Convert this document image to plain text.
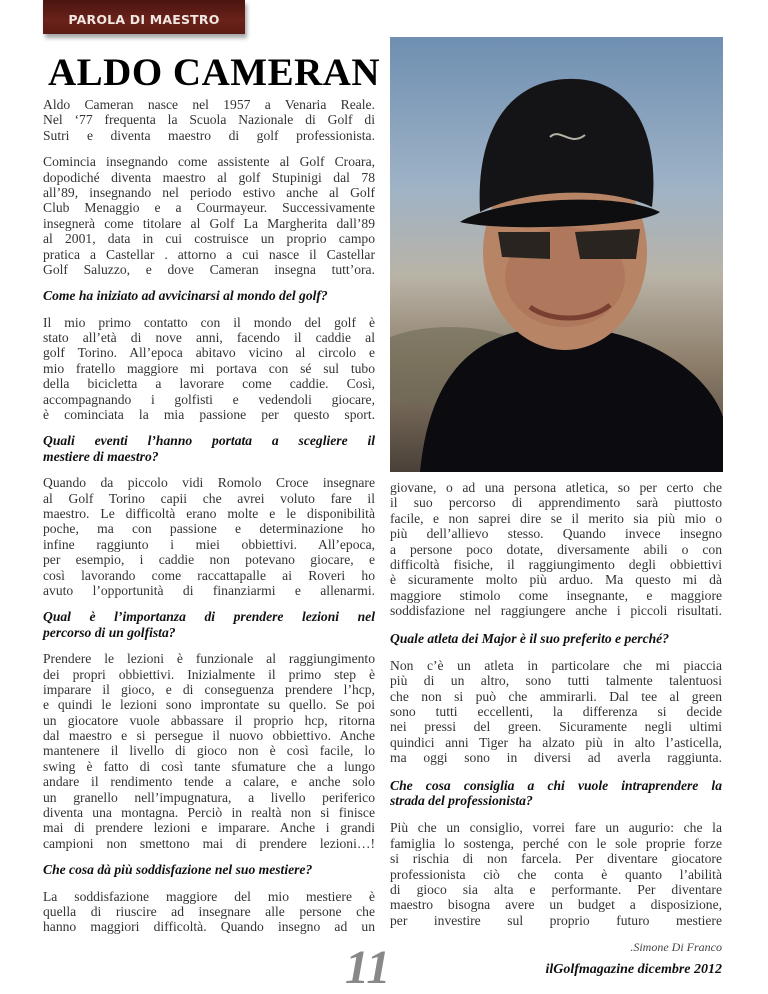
PAROLA DI MAESTRO
ALDO CAMERAN
Aldo Cameran nasce nel 1957 a Venaria Reale.
Nel ‘77 frequenta la Scuola Nazionale di Golf di
Sutri e diventa maestro di golf professionista.
Comincia insegnando come assistente al Golf Croara,
dopodiché diventa maestro al golf Stupinigi dal 78
all’89, insegnando nel periodo estivo anche al Golf
Club Menaggio e a Courmayeur. Successivamente
insegnerà come titolare al Golf La Margherita dall’89
al 2001, data in cui costruisce un proprio campo
pratica a Castellar . attorno a cui nasce il Castellar
Golf Saluzzo, e dove Cameran insegna tutt’ora.
Come ha iniziato ad avvicinarsi al mondo del golf?
Il mio primo contatto con il mondo del golf è
stato all’età di nove anni, facendo il caddie al
golf Torino. All’epoca abitavo vicino al circolo e
mio fratello maggiore mi portava con sé sul tubo
della bicicletta a lavorare come caddie. Così,
accompagnando i golfisti e vedendoli giocare,
è cominciata la mia passione per questo sport.
Quali eventi l’hanno portata a scegliere il
mestiere di maestro?
Quando da piccolo vidi Romolo Croce insegnare
al Golf Torino capii che avrei voluto fare il
maestro. Le difficoltà erano molte e le disponibilità
poche, ma con passione e determinazione ho
infine raggiunto i miei obbiettivi. All’epoca,
per esempio, i caddie non potevano giocare, e
così lavorando come raccattapalle ai Roveri ho
avuto l’opportunità di finanziarmi e allenarmi.
Qual è l’importanza di prendere lezioni nel
percorso di un golfista?
Prendere le lezioni è funzionale al raggiungimento
dei propri obbiettivi. Inizialmente il primo step è
imparare il gioco, e di conseguenza prendere l’hcp,
e quindi le lezioni sono improntate su quello. Se poi
un giocatore vuole abbassare il proprio hcp, ritorna
dal maestro e si persegue il nuovo obbiettivo. Anche
mantenere il livello di gioco non è così facile, lo
swing è fatto di così tante sfumature che a lungo
andare il rendimento tende a calare, e anche solo
un granello nell’impugnatura, a livello periferico
diventa una montagna. Perciò in realtà non si finisce
mai di prendere lezioni e imparare. Anche i grandi
campioni non smettono mai di prendere lezioni…!
Che cosa dà più soddisfazione nel suo mestiere?
La soddisfazione maggiore del mio mestiere è
quella di riuscire ad insegnare alle persone che
hanno maggiori difficoltà. Quando insegno ad un
giovane, o ad una persona atletica, so per certo che
il suo percorso di apprendimento sarà piuttosto
facile, e non saprei dire se il merito sia più mio o
più dell’allievo stesso. Quando invece insegno
a persone poco dotate, diversamente abili o con
difficoltà fisiche, il raggiungimento degli obbiettivi
è sicuramente molto più arduo. Ma questo mi dà
maggiore stimolo come insegnante, e maggiore
soddisfazione nel raggiungere anche i piccoli risultati.
Quale atleta dei Major è il suo preferito e perché?
Non c’è un atleta in particolare che mi piaccia
più di un altro, sono tutti talmente talentuosi
che non si può che ammirarli. Dal tee al green
sono tutti eccellenti, la differenza si decide
nei pressi del green. Sicuramente negli ultimi
quindici anni Tiger ha alzato più in alto l’asticella,
ma oggi sono in diversi ad averla raggiunta.
Che cosa consiglia a chi vuole intraprendere la
strada del professionista?
Più che un consiglio, vorrei fare un augurio: che la
famiglia lo sostenga, perché con le sole proprie forze
si rischia di non farcela. Per diventare giocatore
professionista ciò che conta è quanto l’abilità
di gioco sia alta e performante. Per diventare
maestro bisogna avere un budget a disposizione,
per investire sul proprio futuro mestiere
.Simone Di Franco
ilGolfmagazine dicembre 2012
11
